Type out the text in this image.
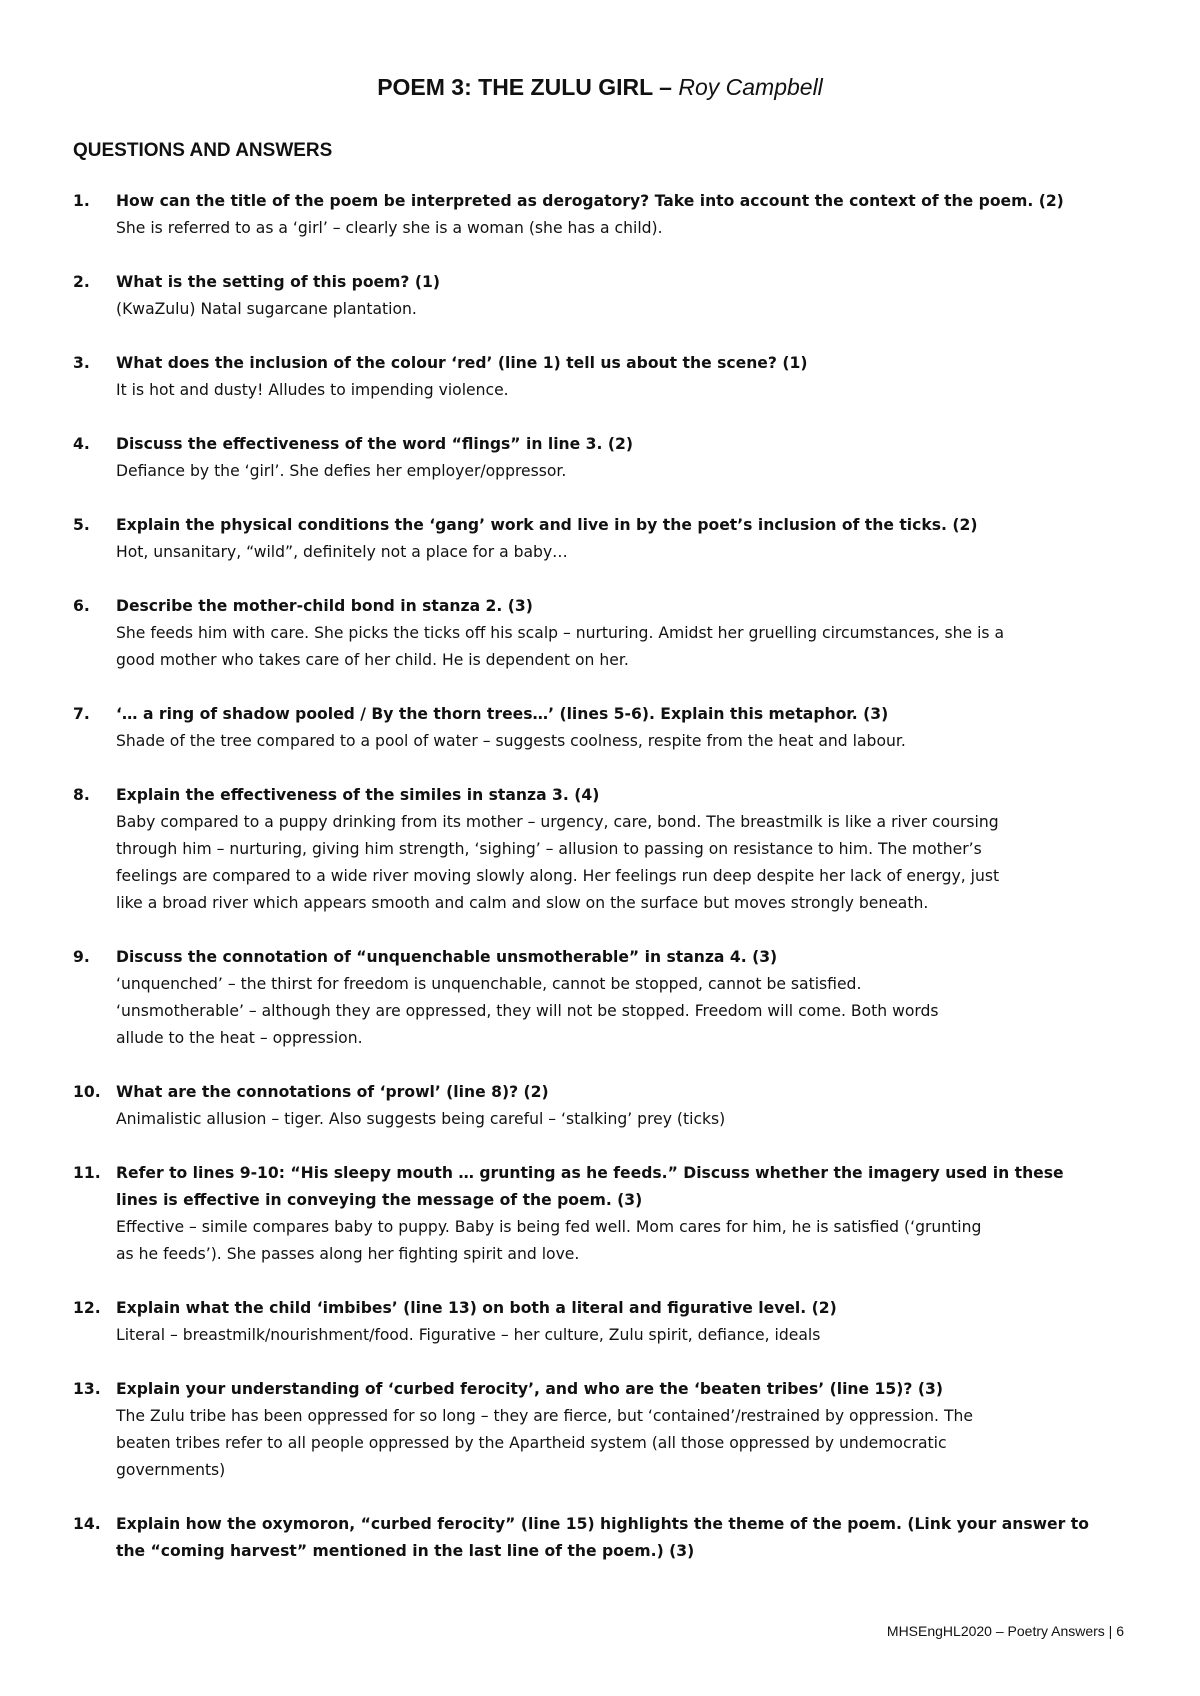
POEM 3: THE ZULU GIRL – Roy Campbell
QUESTIONS AND ANSWERS
1. How can the title of the poem be interpreted as derogatory? Take into account the context of the poem. (2)
She is referred to as a ‘girl’ – clearly she is a woman (she has a child).
2. What is the setting of this poem? (1)
(KwaZulu) Natal sugarcane plantation.
3. What does the inclusion of the colour ‘red’ (line 1) tell us about the scene? (1)
It is hot and dusty! Alludes to impending violence.
4. Discuss the effectiveness of the word “flings” in line 3. (2)
Defiance by the ‘girl’. She defies her employer/oppressor.
5. Explain the physical conditions the ‘gang’ work and live in by the poet’s inclusion of the ticks. (2)
Hot, unsanitary, “wild”, definitely not a place for a baby…
6. Describe the mother-child bond in stanza 2. (3)
She feeds him with care. She picks the ticks off his scalp – nurturing. Amidst her gruelling circumstances, she is a
good mother who takes care of her child. He is dependent on her.
7. ‘… a ring of shadow pooled / By the thorn trees…’ (lines 5-6). Explain this metaphor. (3)
Shade of the tree compared to a pool of water – suggests coolness, respite from the heat and labour.
8. Explain the effectiveness of the similes in stanza 3. (4)
Baby compared to a puppy drinking from its mother – urgency, care, bond. The breastmilk is like a river coursing
through him – nurturing, giving him strength, ‘sighing’ – allusion to passing on resistance to him. The mother’s
feelings are compared to a wide river moving slowly along. Her feelings run deep despite her lack of energy, just
like a broad river which appears smooth and calm and slow on the surface but moves strongly beneath.
9. Discuss the connotation of “unquenchable unsmotherable” in stanza 4. (3)
‘unquenched’ – the thirst for freedom is unquenchable, cannot be stopped, cannot be satisfied.
‘unsmotherable’ – although they are oppressed, they will not be stopped. Freedom will come. Both words
allude to the heat – oppression.
10. What are the connotations of ‘prowl’ (line 8)? (2)
Animalistic allusion – tiger. Also suggests being careful – ‘stalking’ prey (ticks)
11. Refer to lines 9-10: “His sleepy mouth … grunting as he feeds.” Discuss whether the imagery used in these
lines is effective in conveying the message of the poem. (3)
Effective – simile compares baby to puppy. Baby is being fed well. Mom cares for him, he is satisfied (‘grunting
as he feeds’). She passes along her fighting spirit and love.
12. Explain what the child ‘imbibes’ (line 13) on both a literal and figurative level. (2)
Literal – breastmilk/nourishment/food. Figurative – her culture, Zulu spirit, defiance, ideals
13. Explain your understanding of ‘curbed ferocity’, and who are the ‘beaten tribes’ (line 15)? (3)
The Zulu tribe has been oppressed for so long – they are fierce, but ‘contained’/restrained by oppression. The
beaten tribes refer to all people oppressed by the Apartheid system (all those oppressed by undemocratic
governments)
14. Explain how the oxymoron, “curbed ferocity” (line 15) highlights the theme of the poem. (Link your answer to
the “coming harvest” mentioned in the last line of the poem.) (3)
MHSEngHL2020 – Poetry Answers | 6
